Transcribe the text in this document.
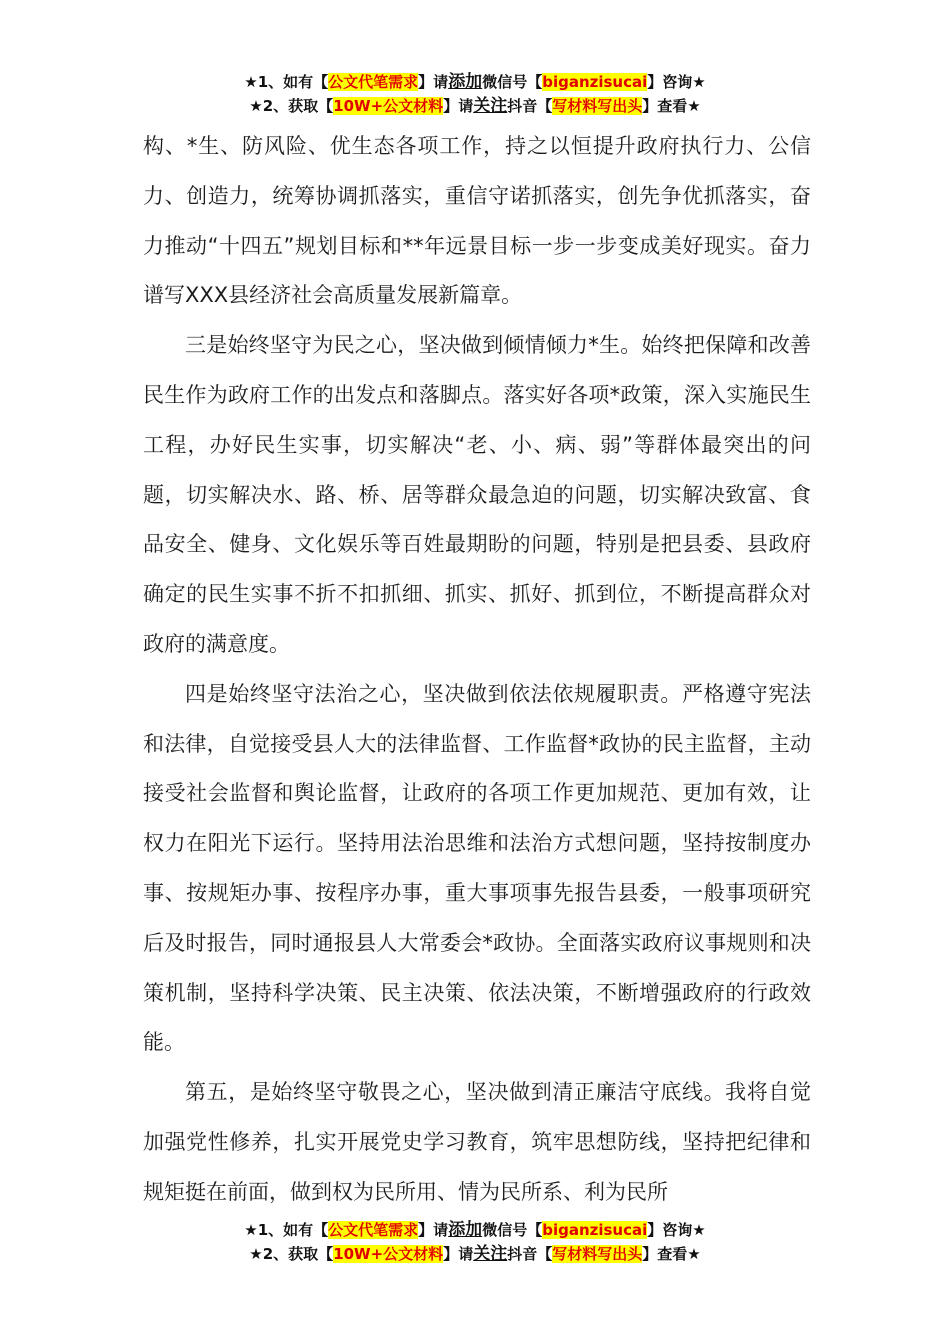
★1、如有【公文代笔需求】请添加微信号【biganzisucai】咨询★
★2、获取【10W+公文材料】请关注抖音【写材料写出头】查看★

构、*生、防风险、优生态各项工作，持之以恒提升政府执行力、公信力、创造力，统筹协调抓落实，重信守诺抓落实，创先争优抓落实，奋力推动“十四五”规划目标和**年远景目标一步一步变成美好现实。奋力谱写XXX县经济社会高质量发展新篇章。

三是始终坚守为民之心，坚决做到倾情倾力*生。始终把保障和改善民生作为政府工作的出发点和落脚点。落实好各项*政策，深入实施民生工程，办好民生实事，切实解决“老、小、病、弱”等群体最突出的问题，切实解决水、路、桥、居等群众最急迫的问题，切实解决致富、食品安全、健身、文化娱乐等百姓最期盼的问题，特别是把县委、县政府确定的民生实事不折不扣抓细、抓实、抓好、抓到位，不断提高群众对政府的满意度。

四是始终坚守法治之心，坚决做到依法依规履职责。严格遵守宪法和法律，自觉接受县人大的法律监督、工作监督*政协的民主监督，主动接受社会监督和舆论监督，让政府的各项工作更加规范、更加有效，让权力在阳光下运行。坚持用法治思维和法治方式想问题，坚持按制度办事、按规矩办事、按程序办事，重大事项事先报告县委，一般事项研究后及时报告，同时通报县人大常委会*政协。全面落实政府议事规则和决策机制，坚持科学决策、民主决策、依法决策，不断增强政府的行政效能。

第五，是始终坚守敬畏之心，坚决做到清正廉洁守底线。我将自觉加强党性修养，扎实开展党史学习教育，筑牢思想防线，坚持把纪律和规矩挺在前面，做到权为民所用、情为民所系、利为民所

★1、如有【公文代笔需求】请添加微信号【biganzisucai】咨询★
★2、获取【10W+公文材料】请关注抖音【写材料写出头】查看★
